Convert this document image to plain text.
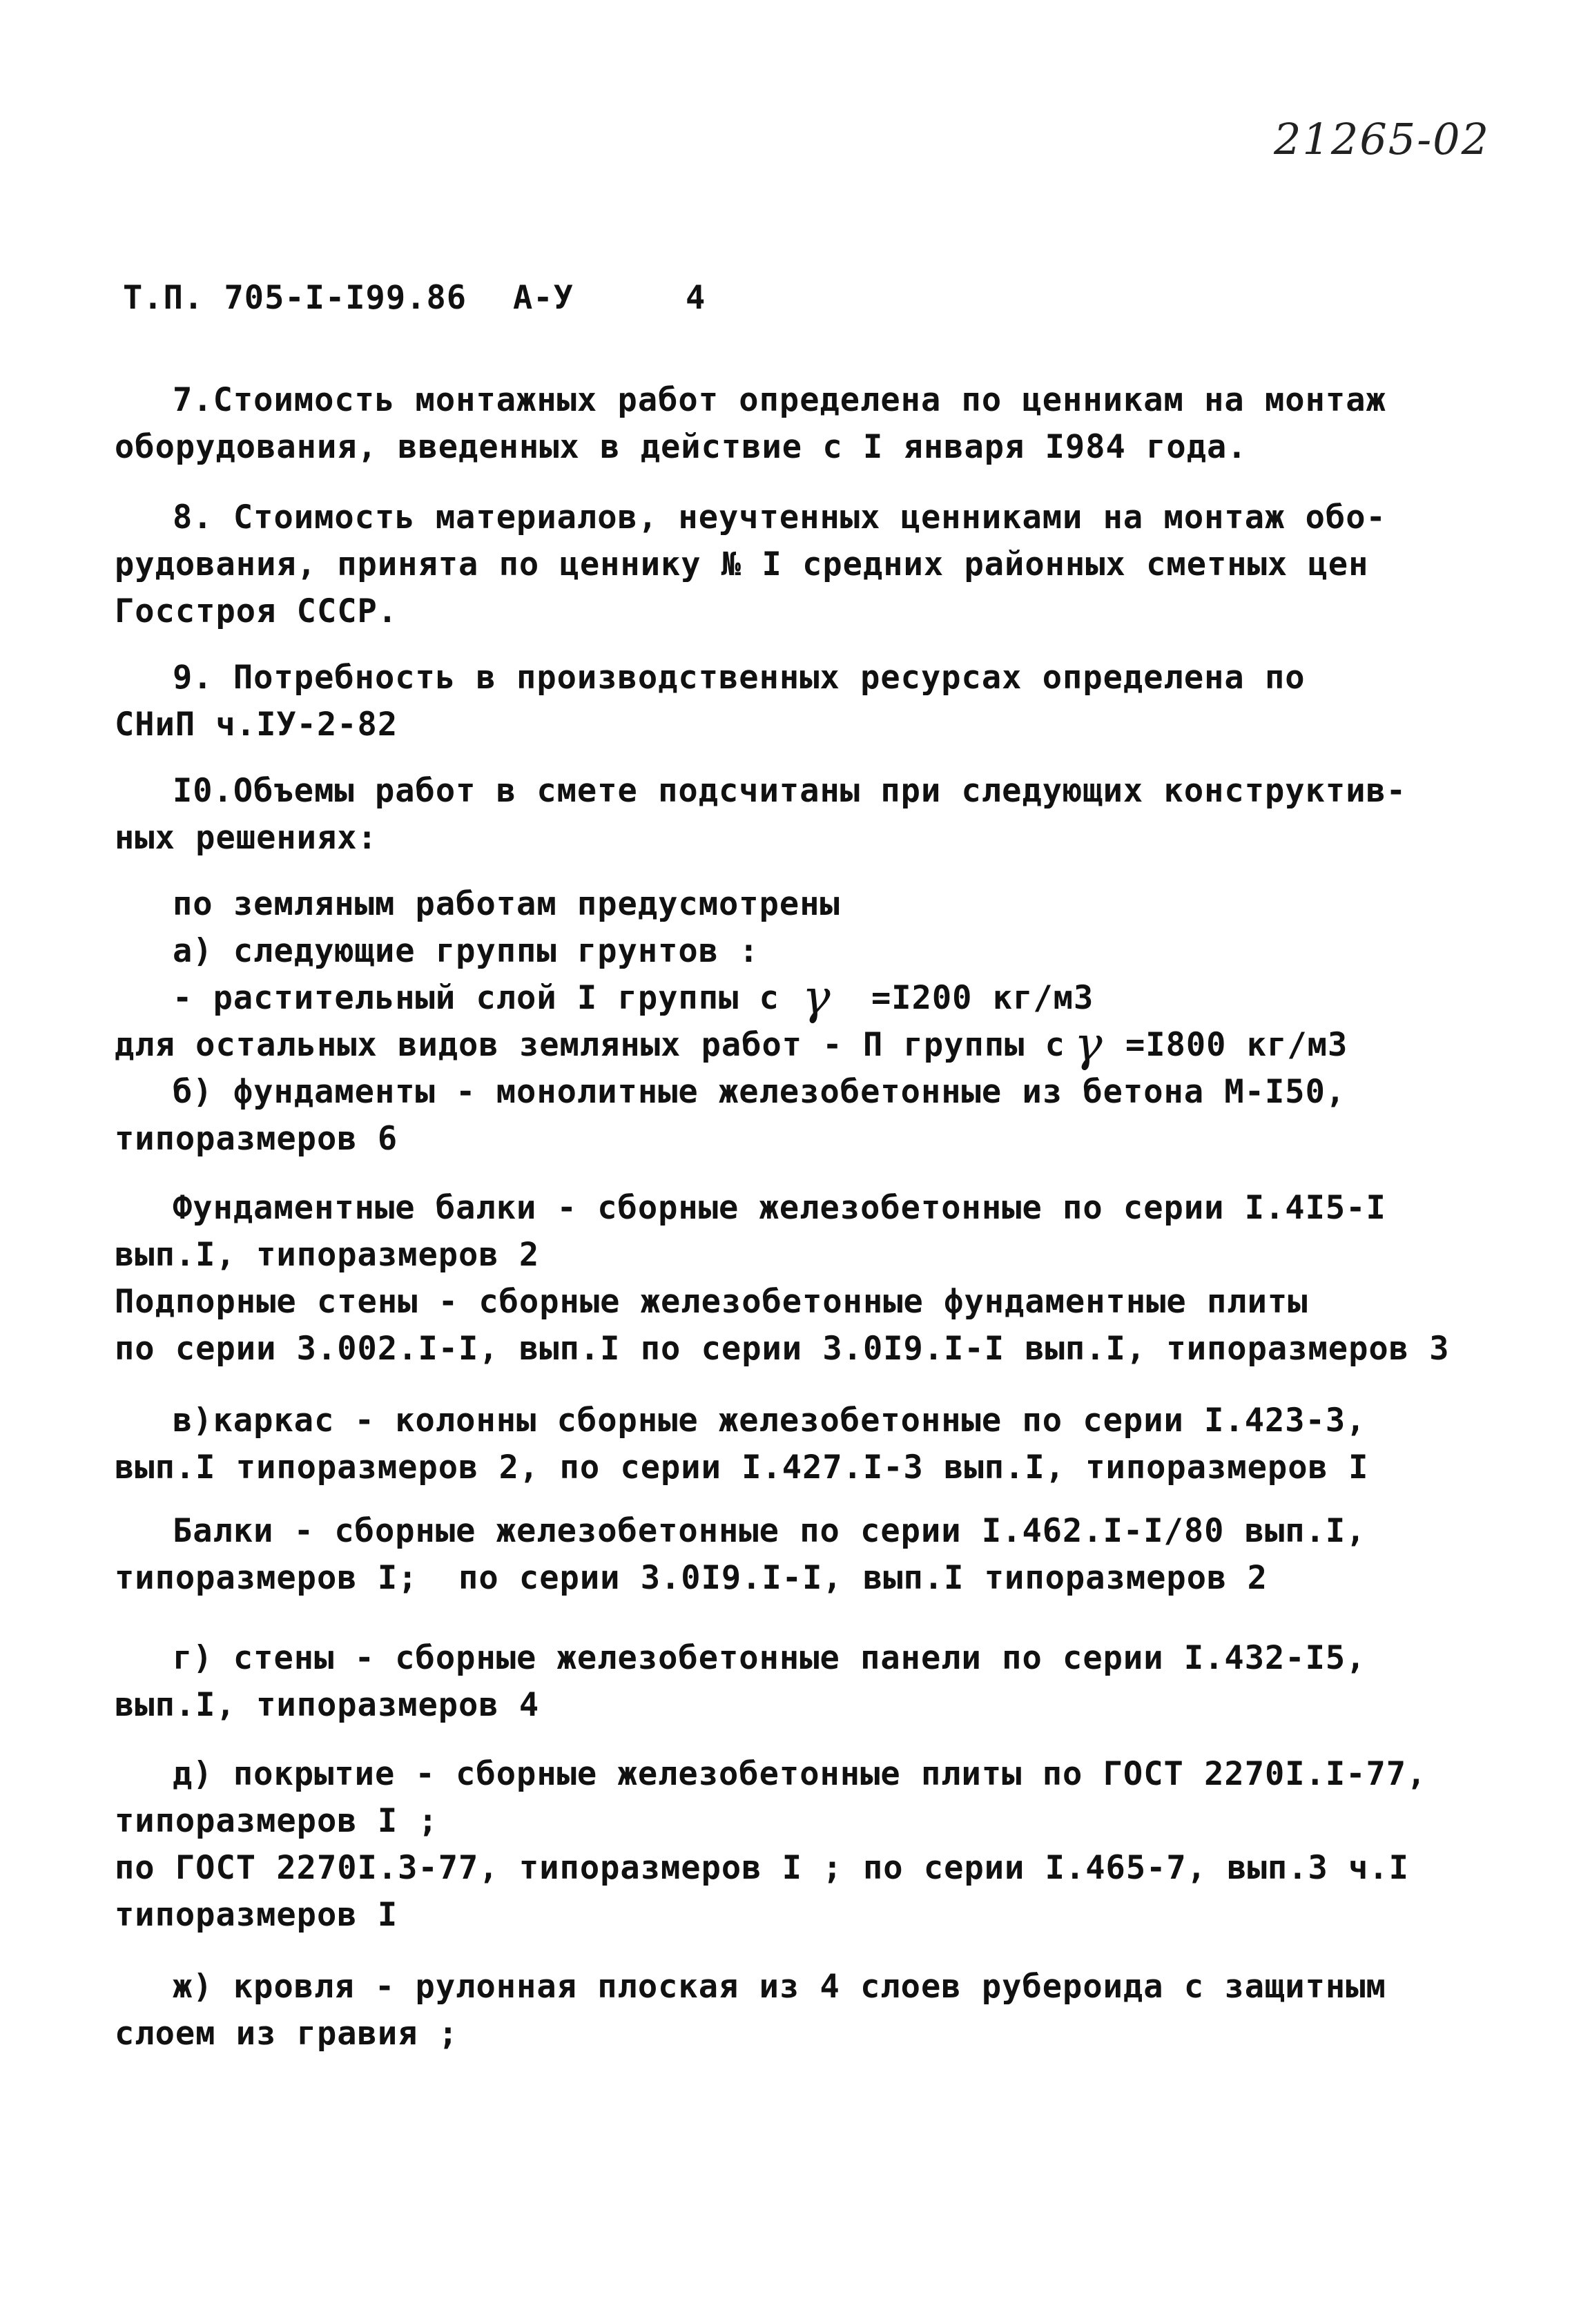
21265-02
Т.П. 705-I-I99.86 А-У	4
7.Стоимость монтажных работ определена по ценникам на монтаж
оборудования, введенных в действие с I января I984 года.
8. Стоимость материалов, неучтенных ценниками на монтаж обо-
рудования, принята по ценнику № I средних районных сметных цен
Госстроя СССР.
9. Потребность в производственных ресурсах определена по
СНиП ч.IУ-2-82
I0.Объемы работ в смете подсчитаны при следующих конструктив-
ных решениях:
по земляным работам предусмотрены
а) следующие группы грунтов :
- растительный слой I группы с γ =I200 кг/м3
для остальных видов земляных работ - П группы с γ =I800 кг/м3
б) фундаменты - монолитные железобетонные из бетона М-I50,
типоразмеров 6
Фундаментные балки - сборные железобетонные по серии I.4I5-I
вып.I, типоразмеров 2
Подпорные стены - сборные железобетонные фундаментные плиты
по серии 3.002.I-I, вып.I по серии 3.0I9.I-I вып.I, типоразмеров 3
в)каркас - колонны сборные железобетонные по серии I.423-3,
вып.I типоразмеров 2, по серии I.427.I-3 вып.I, типоразмеров I
Балки - сборные железобетонные по серии I.462.I-I/80 вып.I,
типоразмеров I;  по серии 3.0I9.I-I, вып.I типоразмеров 2
г) стены - сборные железобетонные панели по серии I.432-I5,
вып.I, типоразмеров 4
д) покрытие - сборные железобетонные плиты по ГОСТ 2270I.I-77,
типоразмеров I ;
по ГОСТ 2270I.3-77, типоразмеров I ; по серии I.465-7, вып.3 ч.I
типоразмеров I
ж) кровля - рулонная плоская из 4 слоев рубероида с защитным
слоем из гравия ;
